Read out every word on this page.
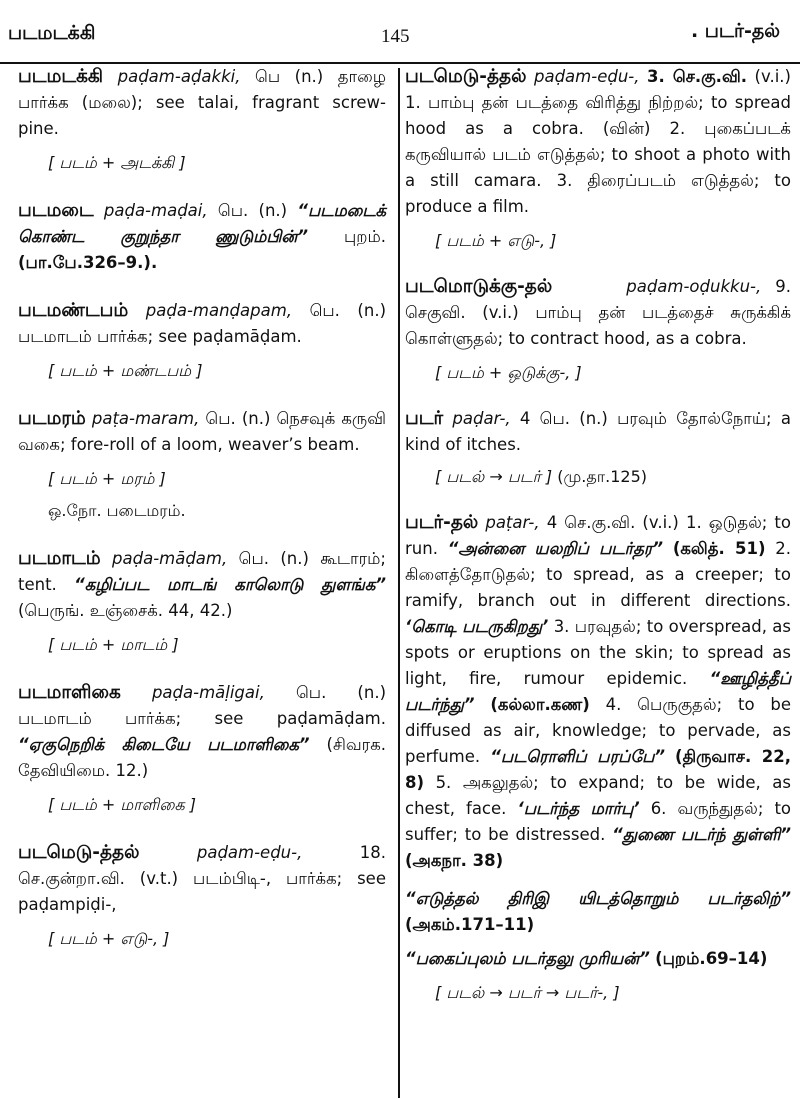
படமடக்கி	145	. படர்-தல்
படமடக்கி paḍam-aḍakki, பெ (n.) தாழை பார்க்க (மலை); see talai, fragrant screw-pine.
[ படம் + அடக்கி ]
படமடை paḍa-maḍai, பெ. (n.) “படமடைக் கொண்ட குறுந்தா ணுடும்பின்” புறம். (பா.பே.326–9.).
படமண்டபம் paḍa-manḍapam, பெ. (n.) படமாடம் பார்க்க; see paḍamāḍam.
[ படம் + மண்டபம் ]
படமரம் paṭa-maram, பெ. (n.) நெசவுக் கருவி வகை; fore-roll of a loom, weaver’s beam.
[ படம் + மரம் ]
ஒ.நோ. படைமரம்.
படமாடம் paḍa-māḍam, பெ. (n.) கூடாரம்; tent. “கழிப்பட மாடங் காலொடு துளங்க” (பெருங். உஞ்சைக். 44, 42.)
[ படம் + மாடம் ]
படமாளிகை paḍa-māḷigai, பெ. (n.) படமாடம் பார்க்க; see paḍamāḍam. “ஏகுநெறிக் கிடையே படமாளிகை” (சிவரக. தேவியிமை. 12.)
[ படம் + மாளிகை ]
படமெடு-த்தல்	paḍam-eḍu-,	18. செ.குன்றா.வி. (v.t.) படம்பிடி-, பார்க்க; see paḍampiḍi-,
[ படம் + எடு-, ]
படமெடு-த்தல் paḍam-eḍu-, 3. செ.கு.வி. (v.i.) 1. பாம்பு தன் படத்தை விரித்து நிற்றல்; to spread hood as a cobra. (வின்) 2. புகைப்படக் கருவியால் படம் எடுத்தல்; to shoot a photo with a still camara. 3. திரைப்படம் எடுத்தல்; to produce a film.
[ படம் + எடு-, ]
படமொடுக்கு-தல்	paḍam-oḍukku-, 9. செகுவி. (v.i.) பாம்பு தன் படத்தைச் சுருக்கிக் கொள்ளுதல்; to contract hood, as a cobra.
[ படம் + ஒடுக்கு-, ]
படர் paḍar-, 4 பெ. (n.) பரவும் தோல்நோய்; a kind of itches.
[ படல் → படர் ] (மு.தா.125)
படர்-தல் paṭar-, 4 செ.கு.வி. (v.i.) 1. ஒடுதல்; to run. “அன்னை யலறிப் படர்தர” (கலித். 51) 2. கிளைத்தோடுதல்; to spread, as a creeper; to ramify, branch out in different directions. ‘கொடி படருகிறது’ 3. பரவுதல்; to overspread, as spots or eruptions on the skin; to spread as light, fire, rumour epidemic. “ஊழித்தீப் படர்ந்து” (கல்லா.கண) 4. பெருகுதல்; to be diffused as air, knowledge; to pervade, as perfume. “படரொளிப் பரப்பே” (திருவாச. 22, 8) 5. அகலுதல்; to expand; to be wide, as chest, face. ‘படர்ந்த மார்பு’ 6. வருந்துதல்; to suffer; to be distressed. “துணை படர்ந் துள்ளி” (அகநா. 38)
“எடுத்தல் திரிஇ யிடத்தொறும் படர்தலிற்” (அகம்.171–11)
“பகைப்புலம் படர்தலு முரியன்” (புறம்.69–14)
[ படல் → படர் → படர்-, ]
